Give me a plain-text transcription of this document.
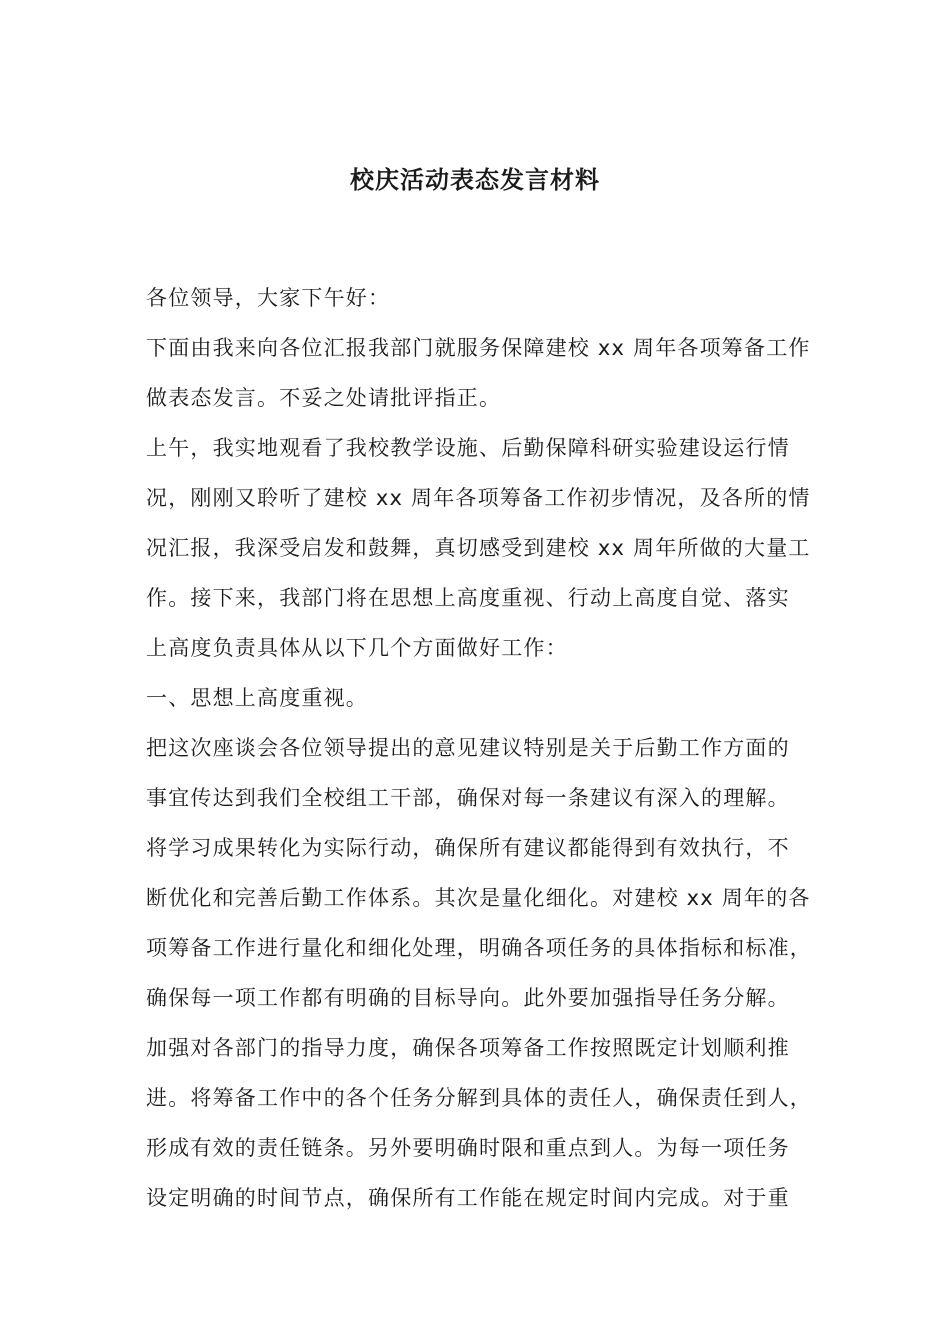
校庆活动表态发言材料
各位领导，大家下午好：
下面由我来向各位汇报我部门就服务保障建校 xx 周年各项筹备工作
做表态发言。不妥之处请批评指正。
上午，我实地观看了我校教学设施、后勤保障科研实验建设运行情
况，刚刚又聆听了建校 xx 周年各项筹备工作初步情况，及各所的情
况汇报，我深受启发和鼓舞，真切感受到建校 xx 周年所做的大量工
作。接下来，我部门将在思想上高度重视、行动上高度自觉、落实
上高度负责具体从以下几个方面做好工作：
一、思想上高度重视。
把这次座谈会各位领导提出的意见建议特别是关于后勤工作方面的
事宜传达到我们全校组工干部，确保对每一条建议有深入的理解。
将学习成果转化为实际行动，确保所有建议都能得到有效执行，不
断优化和完善后勤工作体系。其次是量化细化。对建校 xx 周年的各
项筹备工作进行量化和细化处理，明确各项任务的具体指标和标准，
确保每一项工作都有明确的目标导向。此外要加强指导任务分解。
加强对各部门的指导力度，确保各项筹备工作按照既定计划顺利推
进。将筹备工作中的各个任务分解到具体的责任人，确保责任到人，
形成有效的责任链条。另外要明确时限和重点到人。为每一项任务
设定明确的时间节点，确保所有工作能在规定时间内完成。对于重
